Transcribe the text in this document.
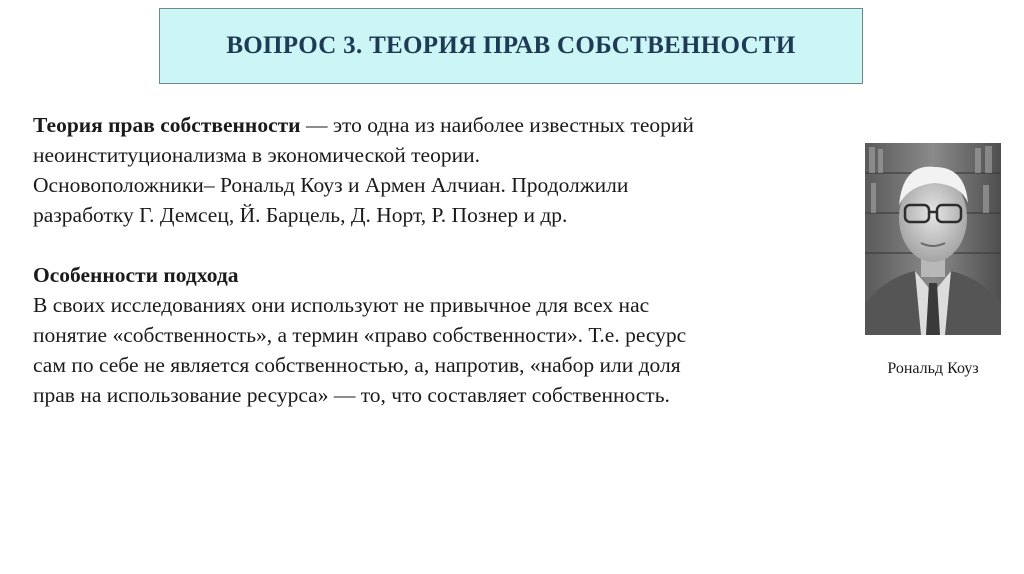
ВОПРОС 3. ТЕОРИЯ ПРАВ СОБСТВЕННОСТИ

Теория прав собственности — это одна из наиболее известных теорий

неоинституционализма в экономической теории.

Основоположники– Рональд Коуз и Армен Алчиан. Продолжили

разработку Г. Демсец, Й. Барцель, Д. Норт, Р. Познер и др.

Особенности подхода

В своих исследованиях они используют не привычное для всех нас

понятие «собственность», а термин «право собственности». Т.е. ресурс

сам по себе не является собственностью, а, напротив, «набор или доля

прав на использование ресурса» — то, что составляет собственность.

Рональд Коуз
